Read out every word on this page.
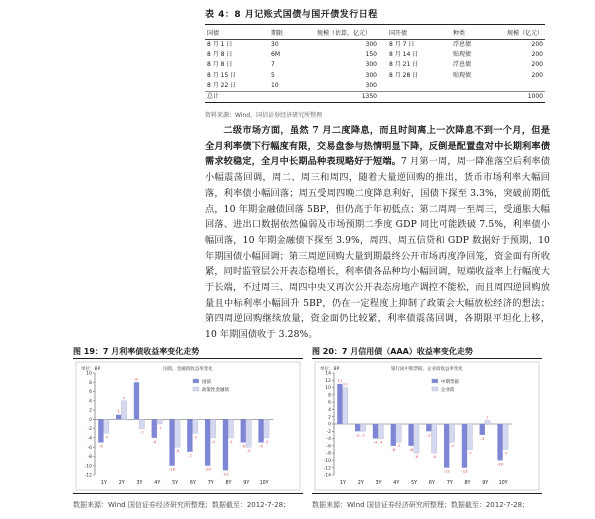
表 4：8 月记账式国债与国开债发行日程
国债	期限	规模（估算，亿元）	国开债	种类	规模（亿元）
8 月 1 日	30	300	8 月 7 日	浮息债	200
8 月 8 日	6M	150	8 月 14 日	贴现债	200
8 月 8 日	7	300	8 月 21 日	浮息债	200
8 月 15 日	5	300	8 月 28 日	贴现债	200
8 月 22 日	10	300			
总计		1350			1000
资料来源：Wind，国信证券经济研究所整理

二级市场方面，虽然 7 月二度降息，而且时间离上一次降息不到一个月，但是全月利率债下行幅度有限，交易盘参与热情明显下降，反倒是配置盘对中长期利率债需求较稳定，全月中长期品种表现略好于短端。7 月第一周，周一降准落空后利率债小幅震荡回调，周二、周三和周四，随着大量逆回购的推出，货币市场利率大幅回落，利率债小幅回落；周五受周四晚二度降息利好，国债下探至 3.3%，突破前期低点，10 年期金融债回落 5BP，但仍高于年初低点；第二周周一至周三，受通胀大幅回落、进出口数据依然偏弱及市场预期二季度 GDP 同比可能跌破 7.5%，利率债小幅回落，10 年期金融债下探至 3.9%，周四、周五信贷和 GDP 数据好于预期，10 年期国债小幅回调；第三周逆回购大量到期最终公开市场再度净回笼，资金面有所收紧，同时监管层公开表态稳增长，利率债各品种均小幅回调，短端收益率上行幅度大于长端，不过周三、周四中央又再次公开表态房地产调控不能松，而且周四逆回购放量且中标利率小幅回升 5BP，仍在一定程度上抑制了政策会大幅放松经济的想法；第四周逆回购继续放量，资金面仍比较紧，利率债震荡回调，各期限平坦化上移，10 年期国债收于 3.28%。

图 19：7 月利率债收益率变化走势
单位：BP	国债，金融债收益率变化
10
8
6
4
2
0
-2
-4
-6
-8
-10
-12
-5
1
8
-4
-10
-7
-10
-11
-5	-5
-3
4
-2
-1
-6
-3
-4	-4
-6
-4
1Y 2Y 3Y 4Y 5Y 6Y 7Y 8Y 9Y 10Y
国债
政策性金融债
数据来源：Wind 国信证券经济研究所整理；数据截至：2012-7-28；
图 20：7 月信用债（AAA）收益率变化走势
单位：BP	银行间中期票据、企业债收益率变化
14
12
10
8
6
4
2
0
-2
-4
-6
-8
-10
-12
-14
11
-2
-4
-6	-6
-2
-12	-12
-3
-10
10
-2
-4
-5
-8	-8
-5
-7
1
-7
1Y 2Y 3Y 4Y 5Y 6Y 7Y 8Y 9Y 10Y
中期票据
企业债
数据来源：Wind 国信证券经济研究所整理；数据截至：2012-7-28；
